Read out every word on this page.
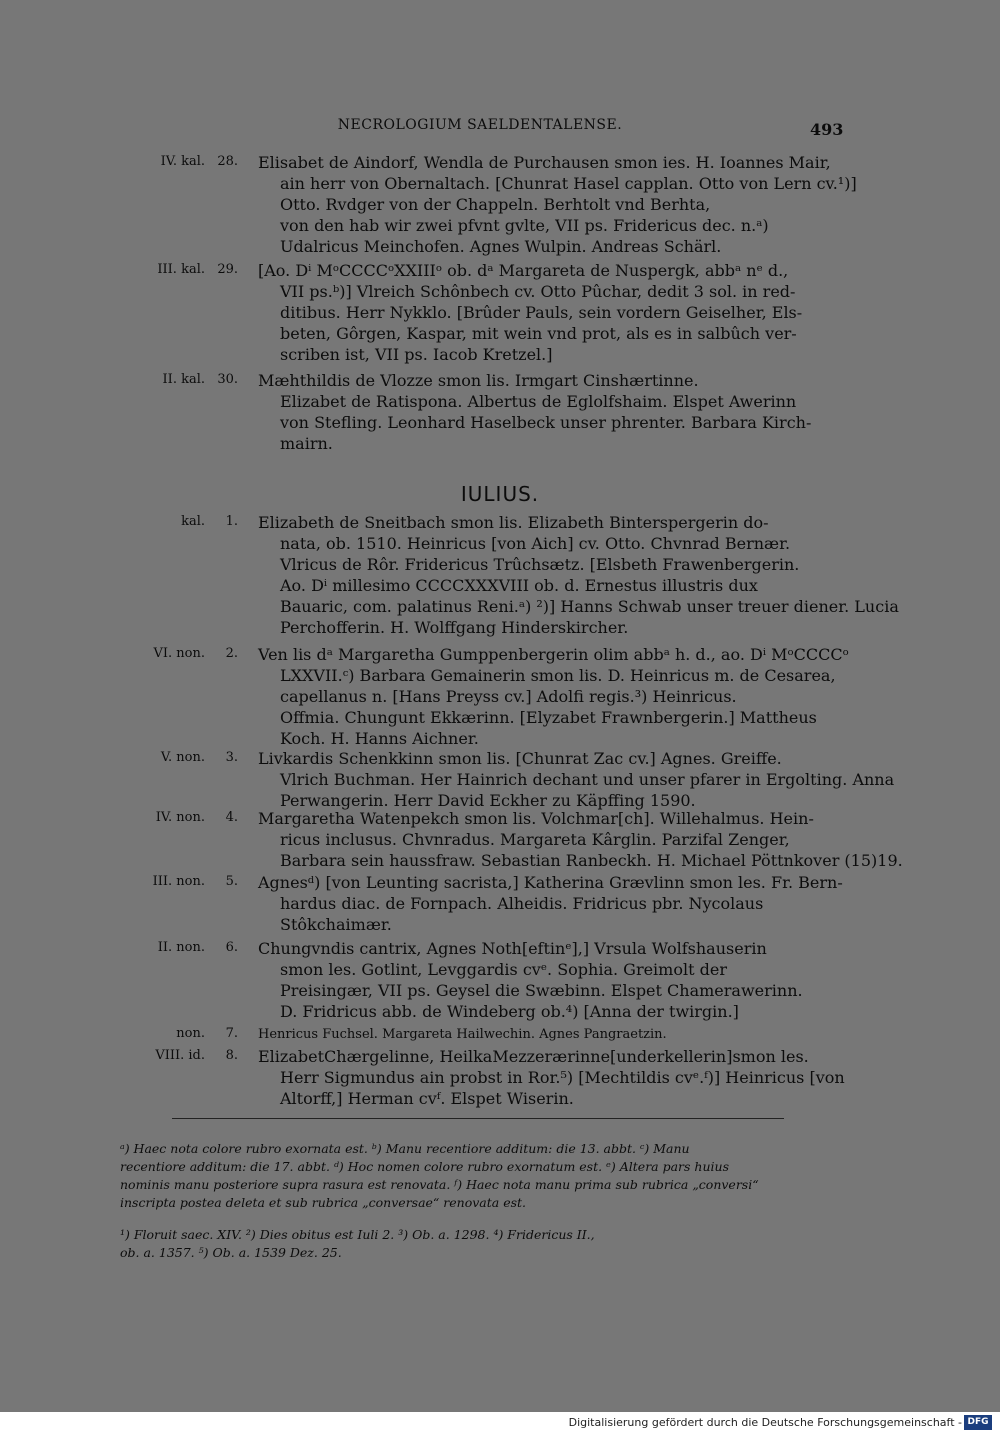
NECROLOGIUM SAELDENTALENSE.	493
IV. kal. 28. Elisabet de Aindorf, Wendla de Purchausen smon ies. H. Ioannes Mair,
ain herr von Obernaltach. [Chunrat Hasel capplan. Otto von Lern cv.¹)]
Otto. Rvdger von der Chappeln. Berhtolt vnd Berhta,
von den hab wir zwei pfvnt gvlte, VII ps. Fridericus dec. n.ᵃ)
Udalricus Meinchofen. Agnes Wulpin. Andreas Schärl.
III. kal. 29. [Ao. Dⁱ MᵒCCCCᵒXXIIIᵒ ob. dᵃ Margareta de Nuspergk, abbᵃ nᵉ d.,
VII ps.ᵇ)] Vlreich Schônbech cv. Otto Pûchar, dedit 3 sol. in red-
ditibus. Herr Nykklo. [Brûder Pauls, sein vordern Geiselher, Els-
beten, Gôrgen, Kaspar, mit wein vnd prot, als es in salbûch ver-
scriben ist, VII ps. Iacob Kretzel.]
II. kal. 30. Mæhthildis de Vlozze smon lis. Irmgart Cinshærtinne.
Elizabet de Ratispona. Albertus de Eglolfshaim. Elspet Awerinn
von Stefling. Leonhard Haselbeck unser phrenter. Barbara Kirch-
mairn.
IULIUS.
kal.	1. Elizabeth de Sneitbach smon lis. Elizabeth Binterspergerin do-
nata, ob. 1510. Heinricus [von Aich] cv. Otto. Chvnrad Bernær.
Vlricus de Rôr. Fridericus Trûchsætz. [Elsbeth Frawenbergerin.
Ao. Dⁱ millesimo CCCCXXXVIII ob. d. Ernestus illustris dux
Bauaric, com. palatinus Reni.ᵃ) ²)] Hanns Schwab unser treuer diener. Lucia
Perchofferin. H. Wolffgang Hinderskircher.
VI. non.	2. Ven lis dᵃ Margaretha Gumppenbergerin olim abbᵃ h. d., ao. Dⁱ MᵒCCCCᵒ
LXXVII.ᶜ) Barbara Gemainerin smon lis. D. Heinricus m. de Cesarea,
capellanus n. [Hans Preyss cv.] Adolfi regis.³) Heinricus.
Offmia. Chungunt Ekkærinn. [Elyzabet Frawnbergerin.] Mattheus
Koch. H. Hanns Aichner.
V. non.	3. Livkardis Schenkkinn smon lis. [Chunrat Zac cv.] Agnes. Greiffe.
Vlrich Buchman. Her Hainrich dechant und unser pfarer in Ergolting. Anna
Perwangerin. Herr David Eckher zu Käpffing 1590.
IV. non.	4. Margaretha Watenpekch smon lis. Volchmar[ch]. Willehalmus. Hein-
ricus inclusus. Chvnradus. Margareta Kârglin. Parzifal Zenger,
Barbara sein haussfraw. Sebastian Ranbeckh. H. Michael Pöttnkover (15)19.
III. non.	5. Agnesᵈ) [von Leunting sacrista,] Katherina Grævlinn smon les. Fr. Bern-
hardus diac. de Fornpach. Alheidis. Fridricus pbr. Nycolaus
Stôkchaimær.
II. non.	6. Chungvndis cantrix, Agnes Noth[eftinᵉ],] Vrsula Wolfshauserin
smon les. Gotlint, Levggardis cvᵉ. Sophia. Greimolt der
Preisingær, VII ps. Geysel die Swæbinn. Elspet Chamerawerinn.
D. Fridricus abb. de Windeberg ob.⁴) [Anna der twirgin.]
non.	7. Henricus Fuchsel. Margareta Hailwechin. Agnes Pangraetzin.
VIII. id.	8. ElizabetChærgelinne, HeilkaMezzerærinne[underkellerin]smon les.
Herr Sigmundus ain probst in Ror.⁵) [Mechtildis cvᵉ.ᶠ)] Heinricus [von
Altorff,] Herman cvᶠ. Elspet Wiserin.
ᵃ) Haec nota colore rubro exornata est. ᵇ) Manu recentiore additum: die 13. abbt. ᶜ) Manu
recentiore additum: die 17. abbt. ᵈ) Hoc nomen colore rubro exornatum est. ᵉ) Altera pars huius
nominis manu posteriore supra rasura est renovata. ᶠ) Haec nota manu prima sub rubrica „conversi“
inscripta postea deleta et sub rubrica „conversae“ renovata est.
¹) Floruit saec. XIV. ²) Dies obitus est Iuli 2. ³) Ob. a. 1298. ⁴) Fridericus II.,
ob. a. 1357. ⁵) Ob. a. 1539 Dez. 25.
Digitalisierung gefördert durch die Deutsche Forschungsgemeinschaft - DFG
